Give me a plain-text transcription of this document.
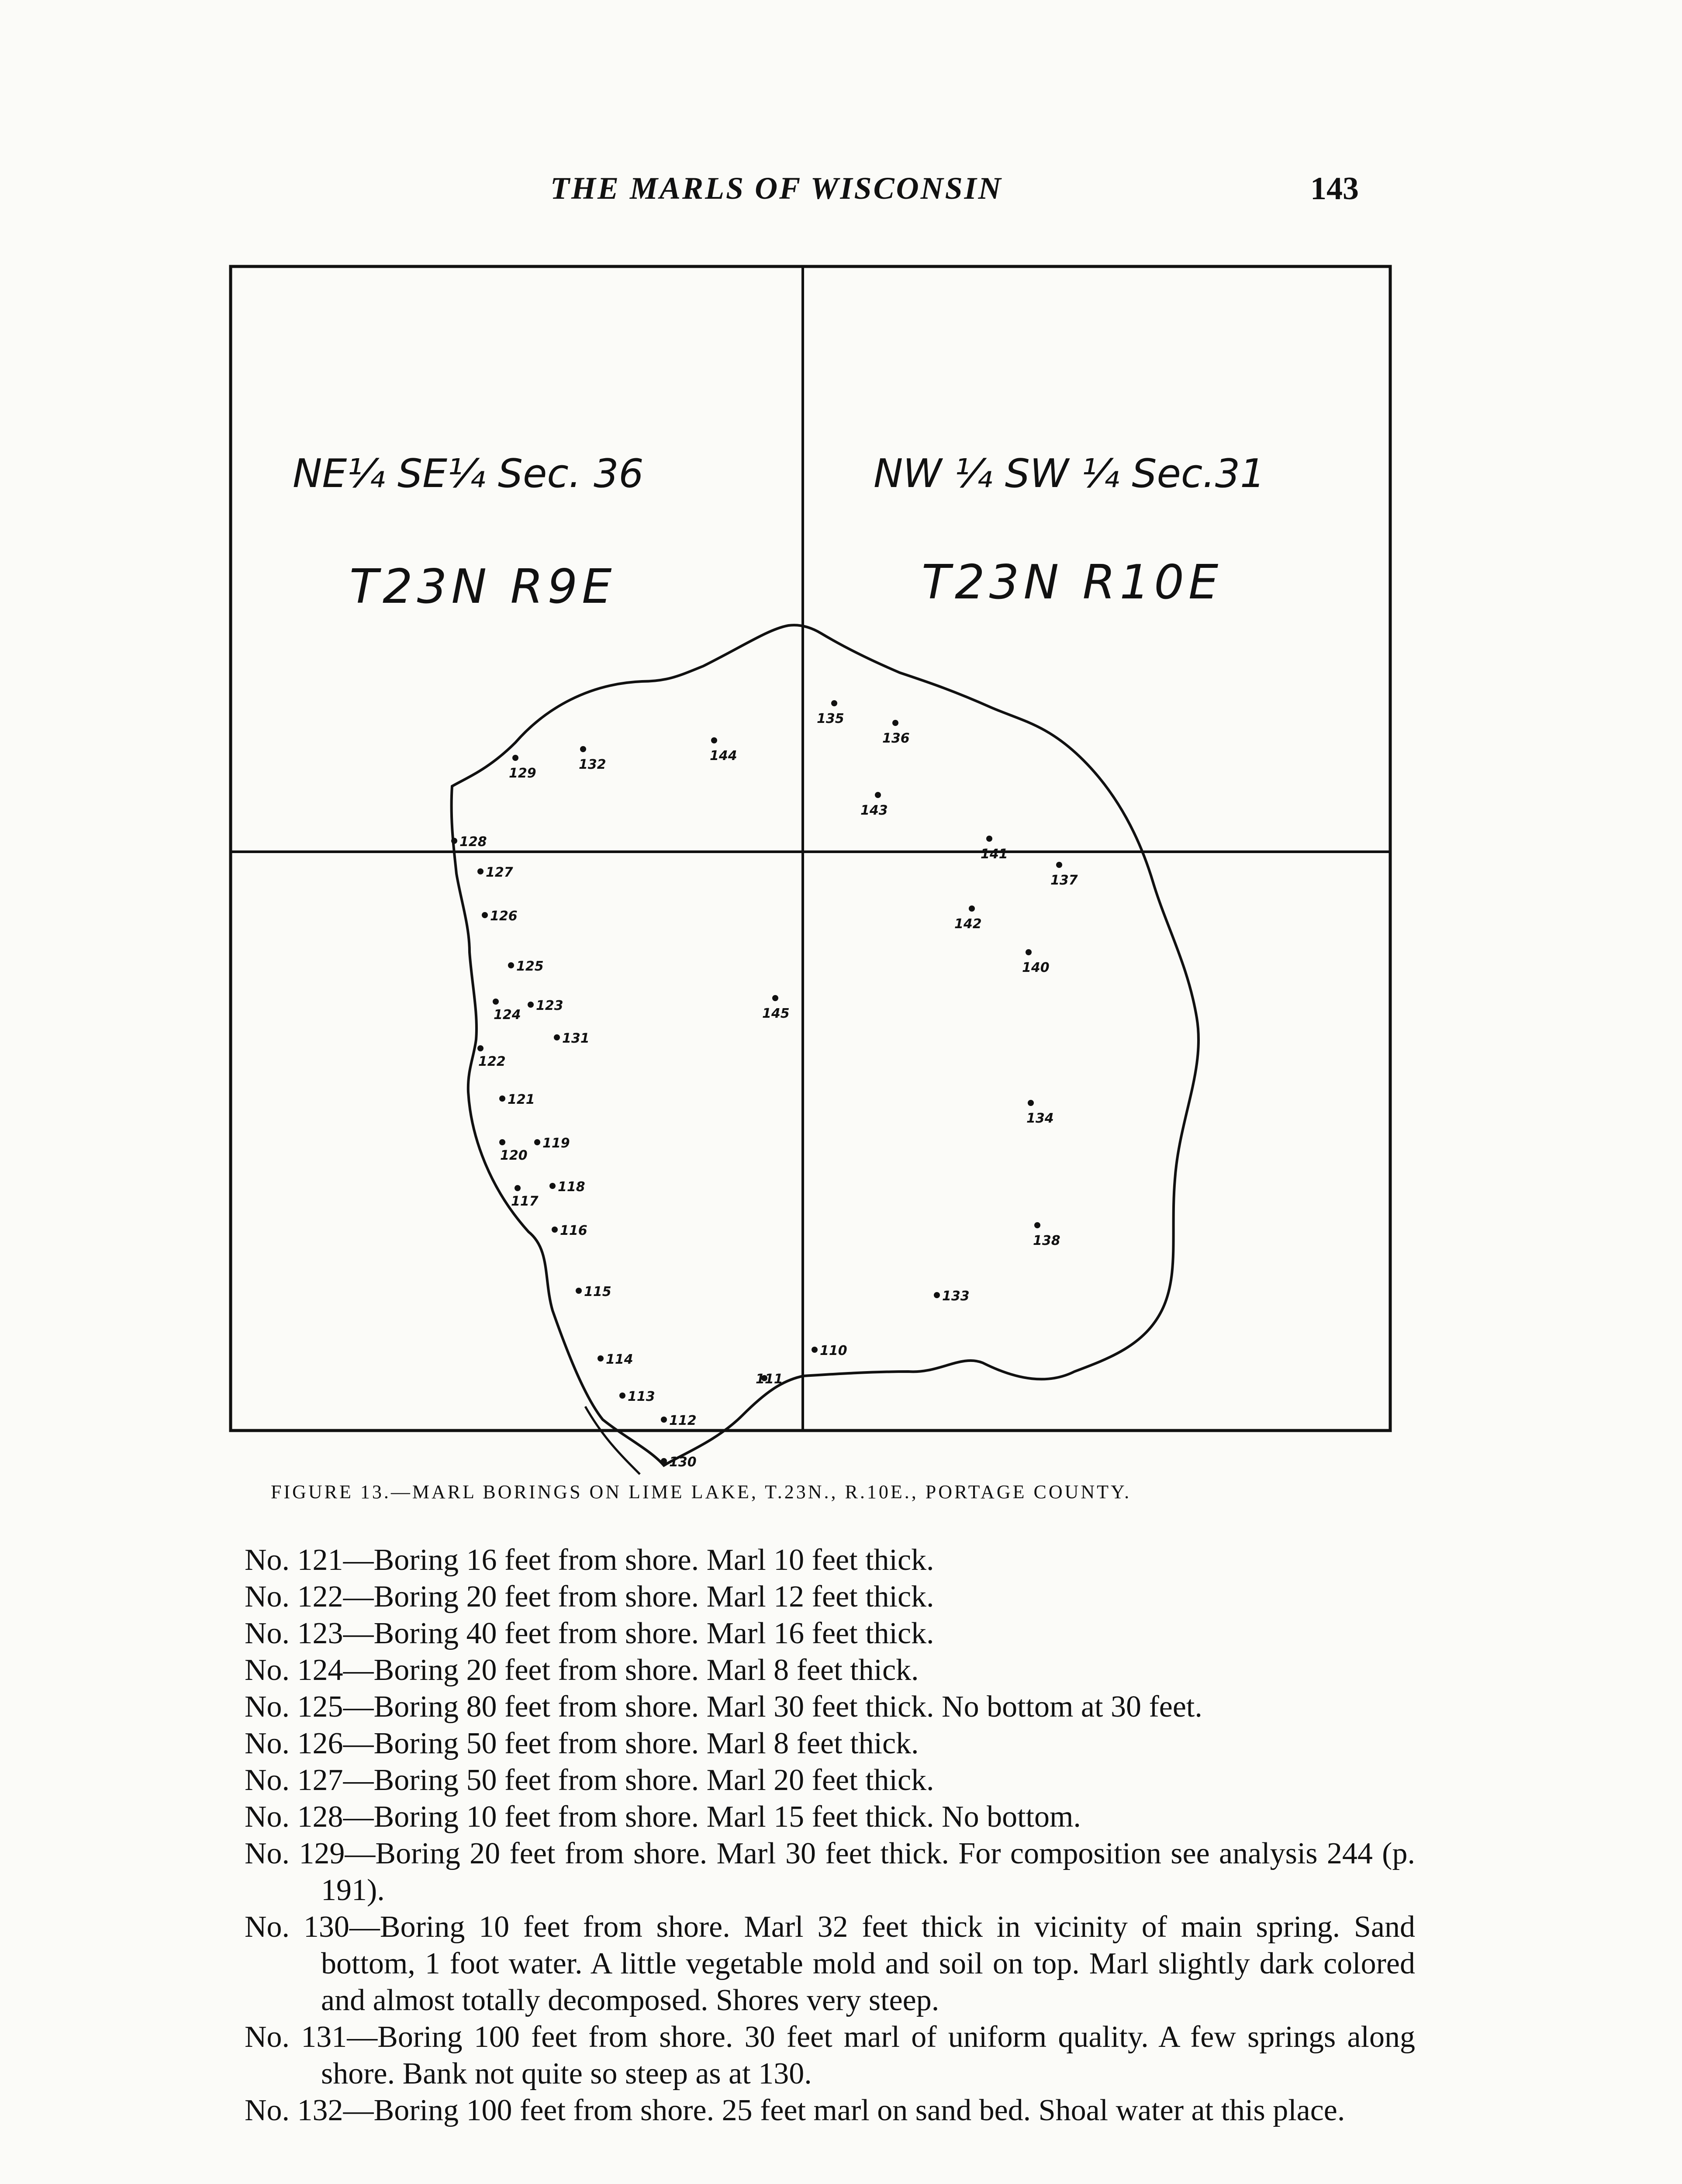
THE MARLS OF WISCONSIN	143
NE¼ SE¼ Sec. 36	NW ¼ SW ¼ Sec.31
T23N R9E	T23N R10E
128
127
126
125
124
123
122
131
121
119
120
118
117
116
115
114
113
112
130
111
110
129
132
144
135
136
143
141
137
142
140
145
134
138
133
FIGURE 13.—MARL BORINGS ON LIME LAKE, T.23N., R.10E., PORTAGE COUNTY.
No. 121—Boring 16 feet from shore. Marl 10 feet thick.
No. 122—Boring 20 feet from shore. Marl 12 feet thick.
No. 123—Boring 40 feet from shore. Marl 16 feet thick.
No. 124—Boring 20 feet from shore. Marl 8 feet thick.
No. 125—Boring 80 feet from shore. Marl 30 feet thick. No bottom at 30 feet.
No. 126—Boring 50 feet from shore. Marl 8 feet thick.
No. 127—Boring 50 feet from shore. Marl 20 feet thick.
No. 128—Boring 10 feet from shore. Marl 15 feet thick. No bottom.
No. 129—Boring 20 feet from shore. Marl 30 feet thick. For composition see analysis 244 (p. 191).
No. 130—Boring 10 feet from shore. Marl 32 feet thick in vicinity of main spring. Sand bottom, 1 foot water. A little vegetable mold and soil on top. Marl slightly dark colored and almost totally decomposed. Shores very steep.
No. 131—Boring 100 feet from shore. 30 feet marl of uniform quality. A few springs along shore. Bank not quite so steep as at 130.
No. 132—Boring 100 feet from shore. 25 feet marl on sand bed. Shoal water at this place.
